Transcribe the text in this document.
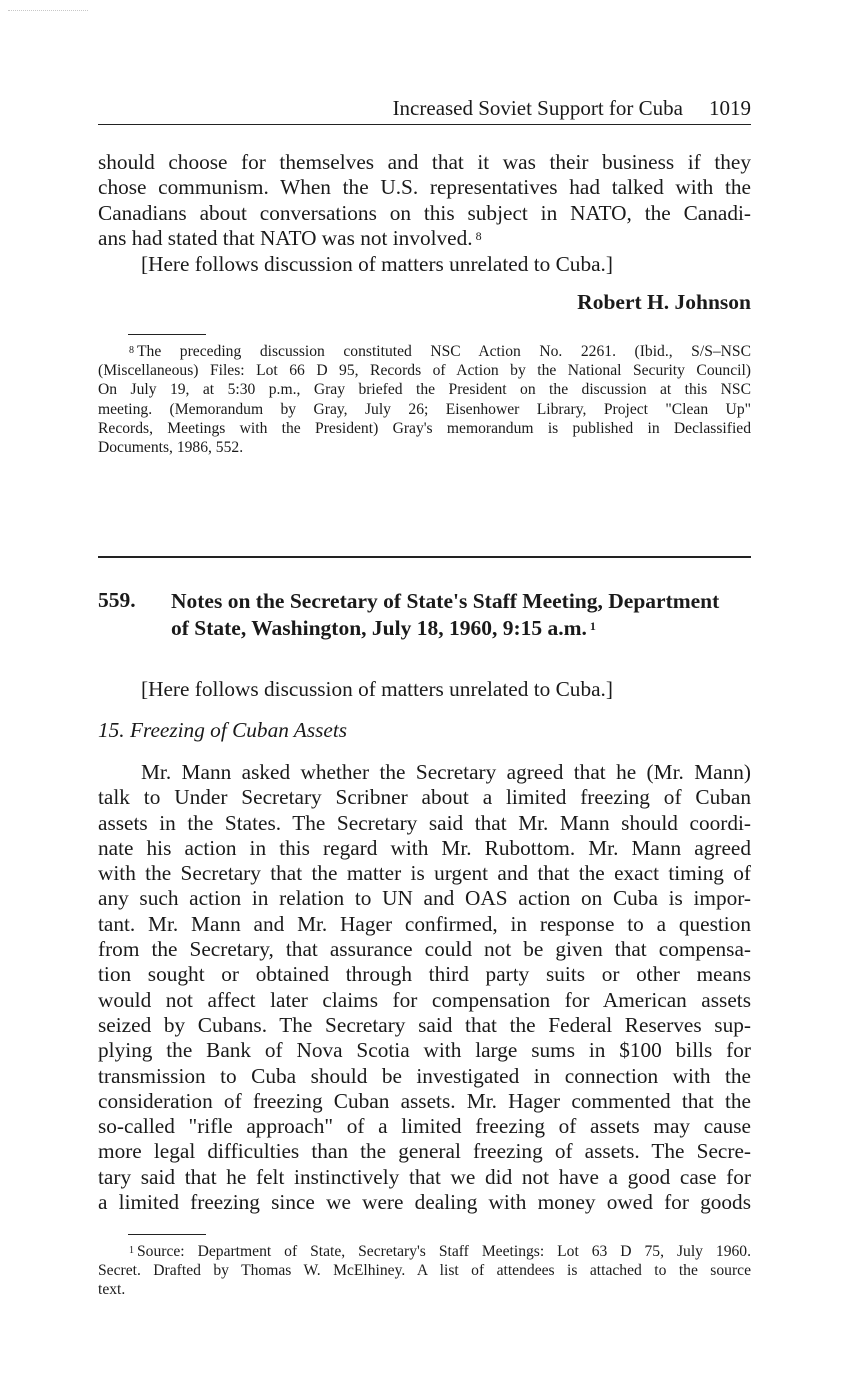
Increased Soviet Support for Cuba 1019

should choose for themselves and that it was their business if they
chose communism. When the U.S. representatives had talked with the
Canadians about conversations on this subject in NATO, the Canadi-
ans had stated that NATO was not involved. $^8$

[Here follows discussion of matters unrelated to Cuba.]

Robert H. Johnson
$^8$ The preceding discussion constituted NSC Action No. 2261. (Ibid., S/S–NSC
(Miscellaneous) Files: Lot 66 D 95, Records of Action by the National Security Council)
On July 19, at 5:30 p.m., Gray briefed the President on the discussion at this NSC
meeting. (Memorandum by Gray, July 26; Eisenhower Library, Project "Clean Up"
Records, Meetings with the President) Gray's memorandum is published in Declassified
Documents, 1986, 552.
559. Notes on the Secretary of State's Staff Meeting, Department
of State, Washington, July 18, 1960, 9:15 a.m. $^1$

[Here follows discussion of matters unrelated to Cuba.]

15. Freezing of Cuban Assets

Mr. Mann asked whether the Secretary agreed that he (Mr. Mann)
talk to Under Secretary Scribner about a limited freezing of Cuban
assets in the States. The Secretary said that Mr. Mann should coordi-
nate his action in this regard with Mr. Rubottom. Mr. Mann agreed
with the Secretary that the matter is urgent and that the exact timing of
any such action in relation to UN and OAS action on Cuba is impor-
tant. Mr. Mann and Mr. Hager confirmed, in response to a question
from the Secretary, that assurance could not be given that compensa-
tion sought or obtained through third party suits or other means
would not affect later claims for compensation for American assets
seized by Cubans. The Secretary said that the Federal Reserves sup-
plying the Bank of Nova Scotia with large sums in $100 bills for
transmission to Cuba should be investigated in connection with the
consideration of freezing Cuban assets. Mr. Hager commented that the
so-called "rifle approach" of a limited freezing of assets may cause
more legal difficulties than the general freezing of assets. The Secre-
tary said that he felt instinctively that we did not have a good case for
a limited freezing since we were dealing with money owed for goods

$^1$ Source: Department of State, Secretary's Staff Meetings: Lot 63 D 75, July 1960.
Secret. Drafted by Thomas W. McElhiney. A list of attendees is attached to the source
text.
